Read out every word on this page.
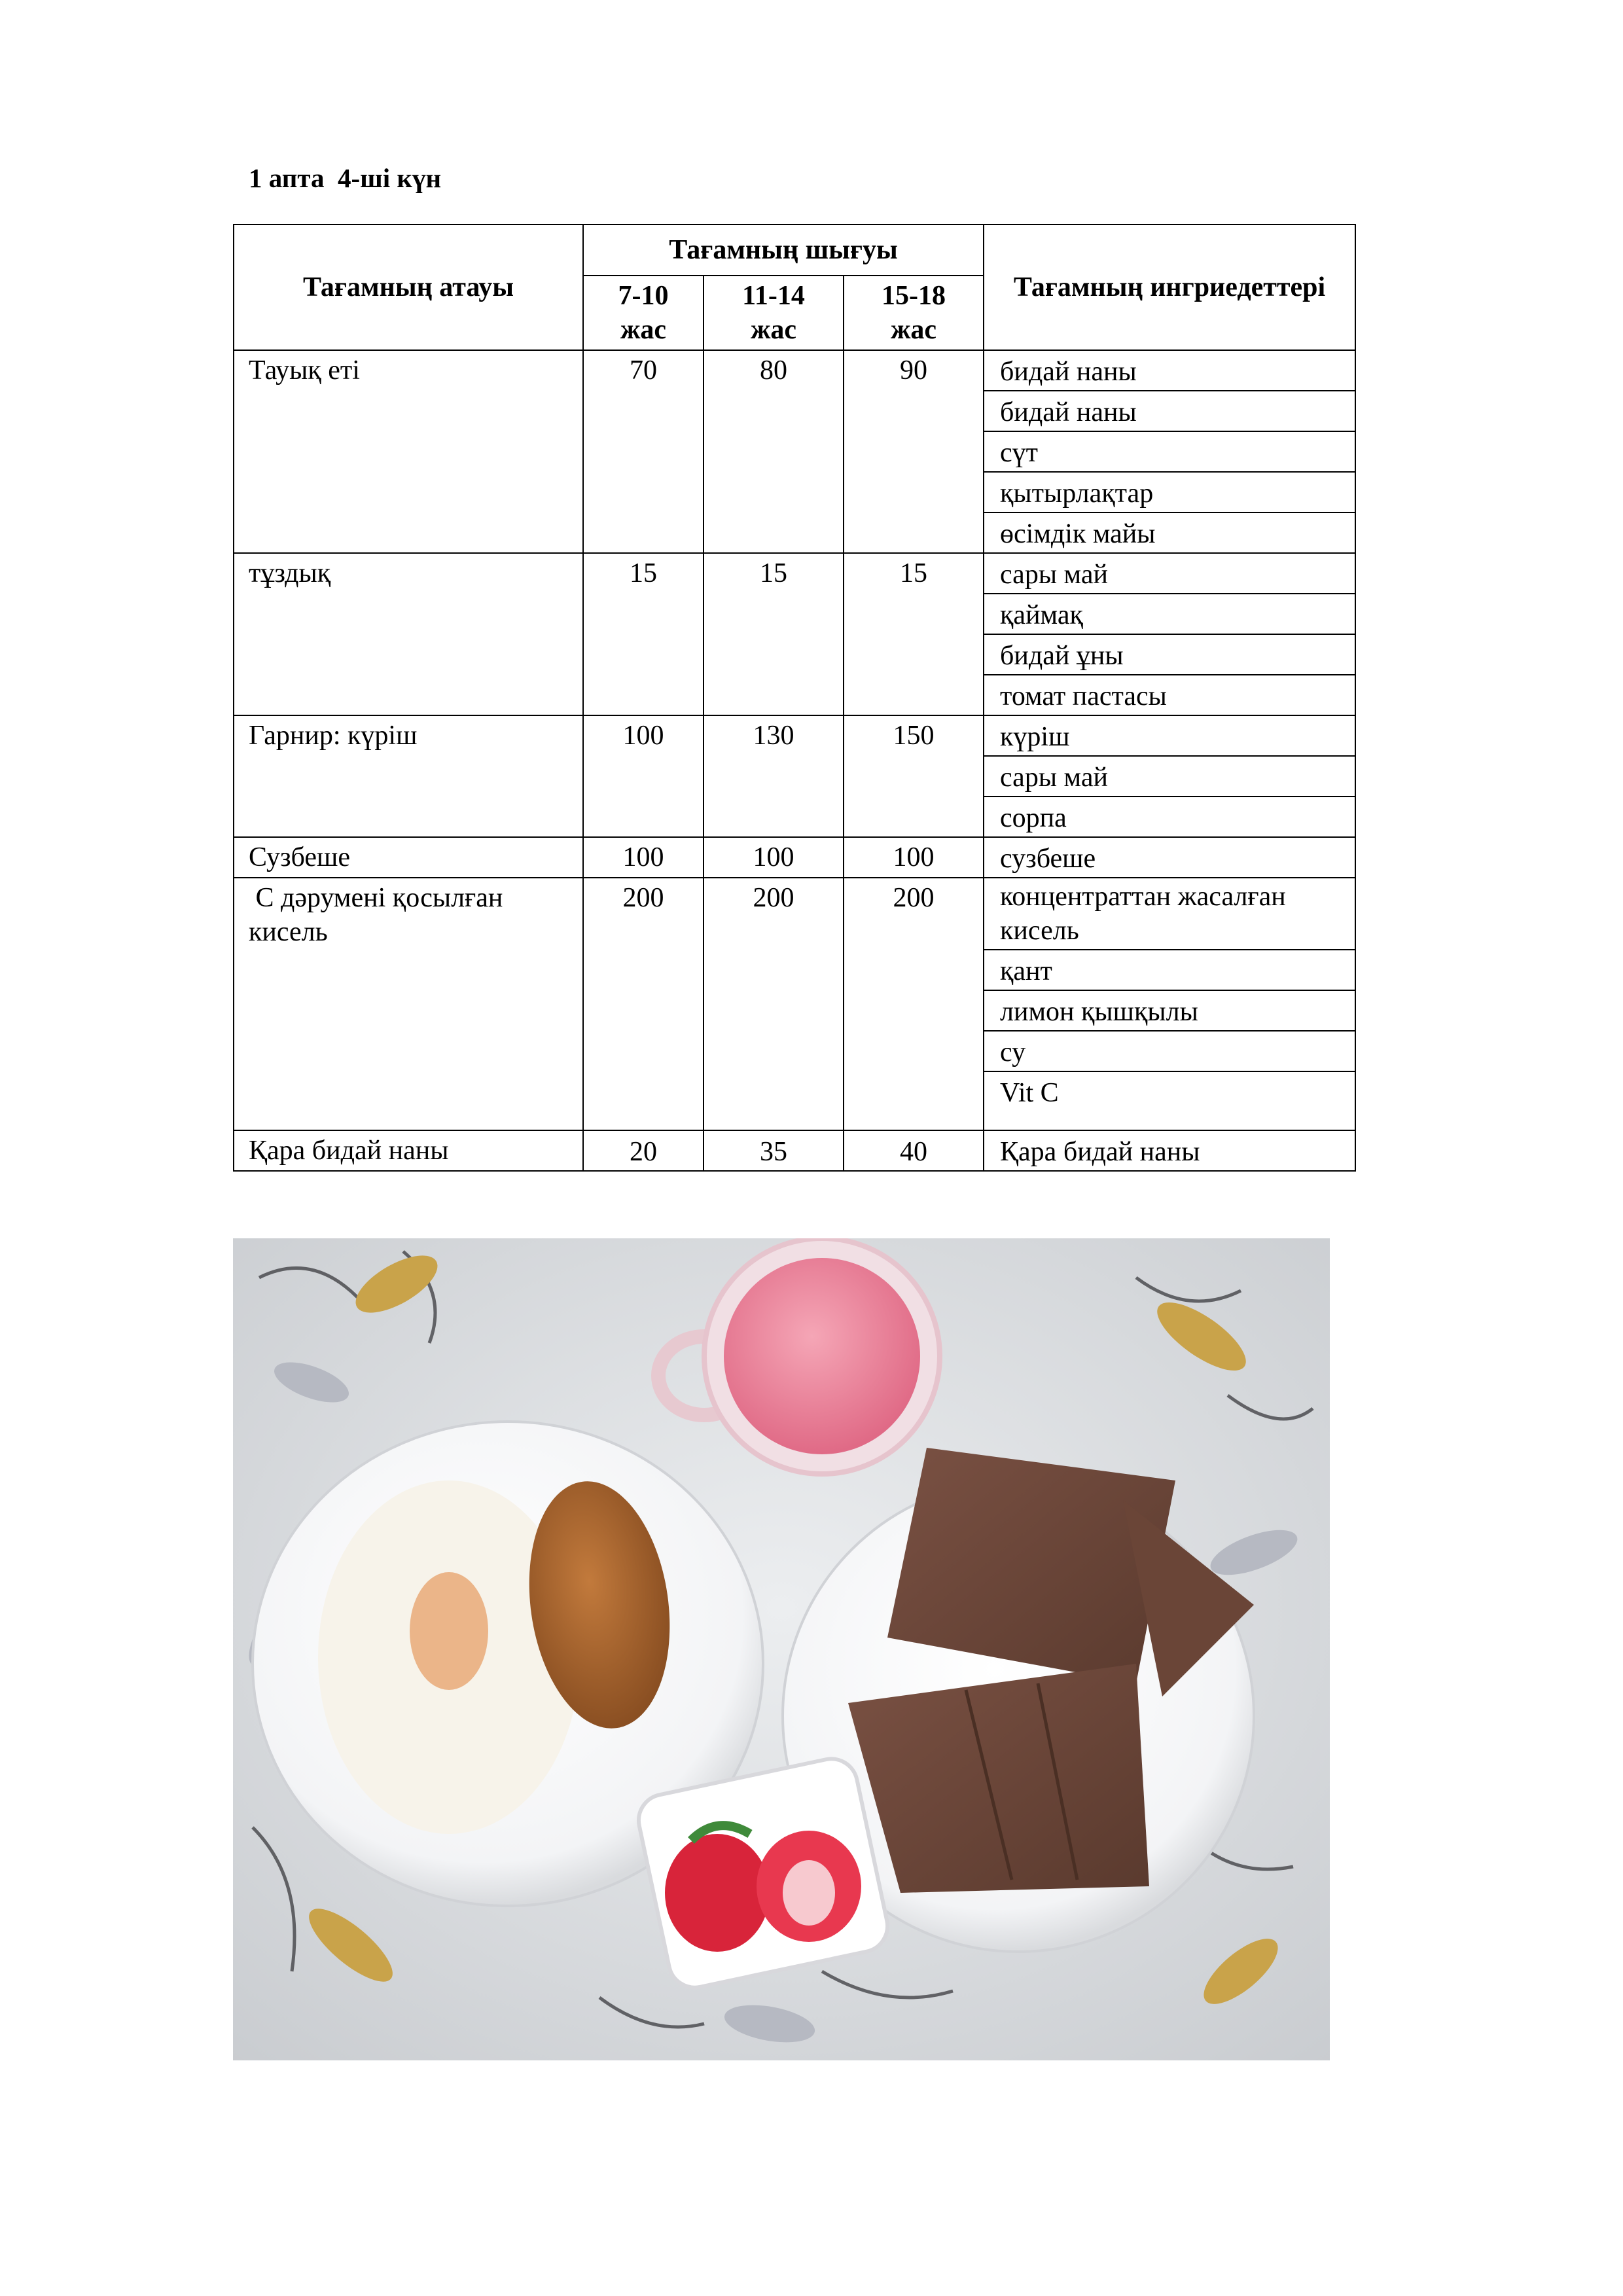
1 апта  4-ші күн
Тағамның атауы	Тағамның шығуы			Тағамның ингриедеттері
	7-10 жас	11-14 жас	15-18 жас	
Тауық еті	70	80	90	бидай наны
				бидай наны
				сүт
				қытырлақтар
				өсімдік майы
тұздық	15	15	15	сары май
				қаймақ
				бидай ұны
				томат пастасы
Гарнир: күріш	100	130	150	күріш
				сары май
				сорпа
Сузбеше	100	100	100	сузбеше
С дәрумені қосылған кисель	200	200	200	концентраттан жасалған кисель
				қант
				лимон қышқылы
				су
				Vit C
Қара бидай наны	20	35	40	Қара бидай наны
